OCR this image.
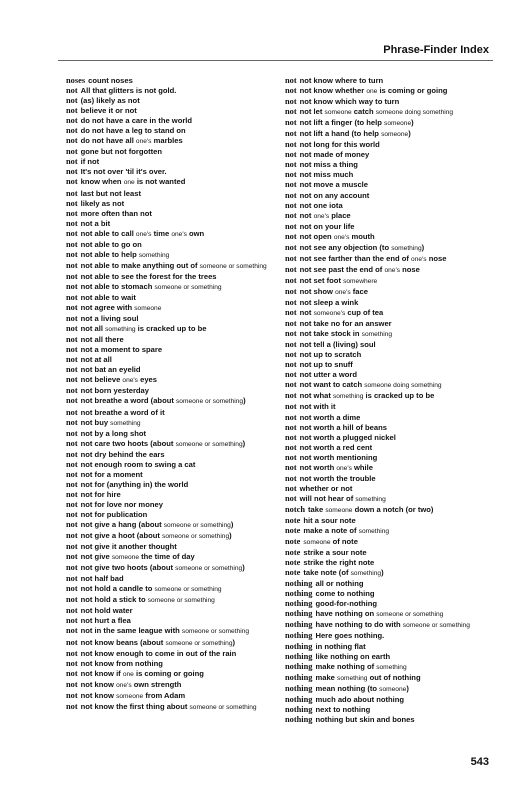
Phrase-Finder Index
noses count noses
not All that glitters is not gold.
not (as) likely as not
not believe it or not
not do not have a care in the world
not do not have a leg to stand on
not do not have all one's marbles
not gone but not forgotten
not if not
not It's not over 'til it's over.
not know when one is not wanted
not last but not least
not likely as not
not more often than not
not not a bit
not not able to call one's time one's own
not not able to go on
not not able to help something
not not able to make anything out of someone or something
not not able to see the forest for the trees
not not able to stomach someone or something
not not able to wait
not not agree with someone
not not a living soul
not not all something is cracked up to be
not not all there
not not a moment to spare
not not at all
not not bat an eyelid
not not believe one's eyes
not not born yesterday
not not breathe a word (about someone or something)
not not breathe a word of it
not not buy something
not not by a long shot
not not care two hoots (about someone or something)
not not dry behind the ears
not not enough room to swing a cat
not not for a moment
not not for (anything in) the world
not not for hire
not not for love nor money
not not for publication
not not give a hang (about someone or something)
not not give a hoot (about someone or something)
not not give it another thought
not not give someone the time of day
not not give two hoots (about someone or something)
not not half bad
not not hold a candle to someone or something
not not hold a stick to someone or something
not not hold water
not not hurt a flea
not not in the same league with someone or something
not not know beans (about someone or something)
not not know enough to come in out of the rain
not not know from nothing
not not know if one is coming or going
not not know one's own strength
not not know someone from Adam
not not know the first thing about someone or something
not not know where to turn
not not know whether one is coming or going
not not know which way to turn
not not let someone catch someone doing something
not not lift a finger (to help someone)
not not lift a hand (to help someone)
not not long for this world
not not made of money
not not miss a thing
not not miss much
not not move a muscle
not not on any account
not not one iota
not not one's place
not not on your life
not not open one's mouth
not not see any objection (to something)
not not see farther than the end of one's nose
not not see past the end of one's nose
not not set foot somewhere
not not show one's face
not not sleep a wink
not not someone's cup of tea
not not take no for an answer
not not take stock in something
not not tell a (living) soul
not not up to scratch
not not up to snuff
not not utter a word
not not want to catch someone doing something
not not what something is cracked up to be
not not with it
not not worth a dime
not not worth a hill of beans
not not worth a plugged nickel
not not worth a red cent
not not worth mentioning
not not worth one's while
not not worth the trouble
not whether or not
not will not hear of something
notch take someone down a notch (or two)
note hit a sour note
note make a note of something
note someone of note
note strike a sour note
note strike the right note
note take note (of something)
nothing all or nothing
nothing come to nothing
nothing good-for-nothing
nothing have nothing on someone or something
nothing have nothing to do with someone or something
nothing Here goes nothing.
nothing in nothing flat
nothing like nothing on earth
nothing make nothing of something
nothing make something out of nothing
nothing mean nothing (to someone)
nothing much ado about nothing
nothing next to nothing
nothing nothing but skin and bones
543
